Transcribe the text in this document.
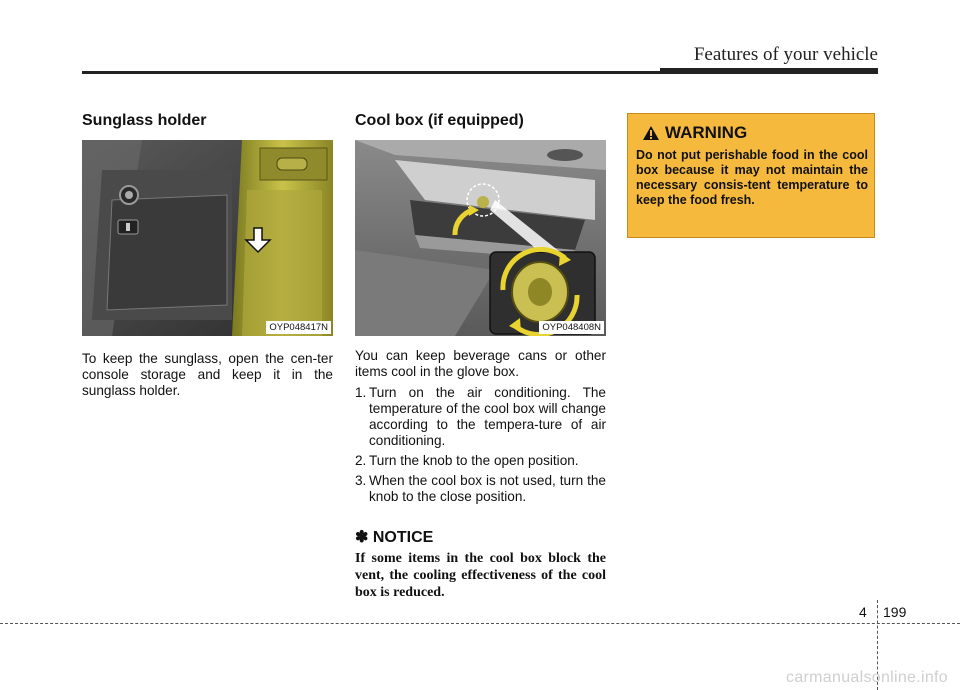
Features of your vehicle
Sunglass holder
OYP048417N

To keep the sunglass, open the cen-ter console storage and keep it in the sunglass holder.

Cool box (if equipped)
OYP048408N

You can keep beverage cans or other items cool in the glove box.

1. Turn on the air conditioning. The temperature of the cool box will change according to the tempera-ture of air conditioning.
2. Turn the knob to the open position.
3. When the cool box is not used, turn the knob to the close position.
✽ NOTICE
If some items in the cool box block the vent, the cooling effectiveness of the cool box is reduced.
WARNING
Do not put perishable food in the cool box because it may not maintain the necessary consis-tent temperature to keep the food fresh.
4 199
carmanualsonline.info
